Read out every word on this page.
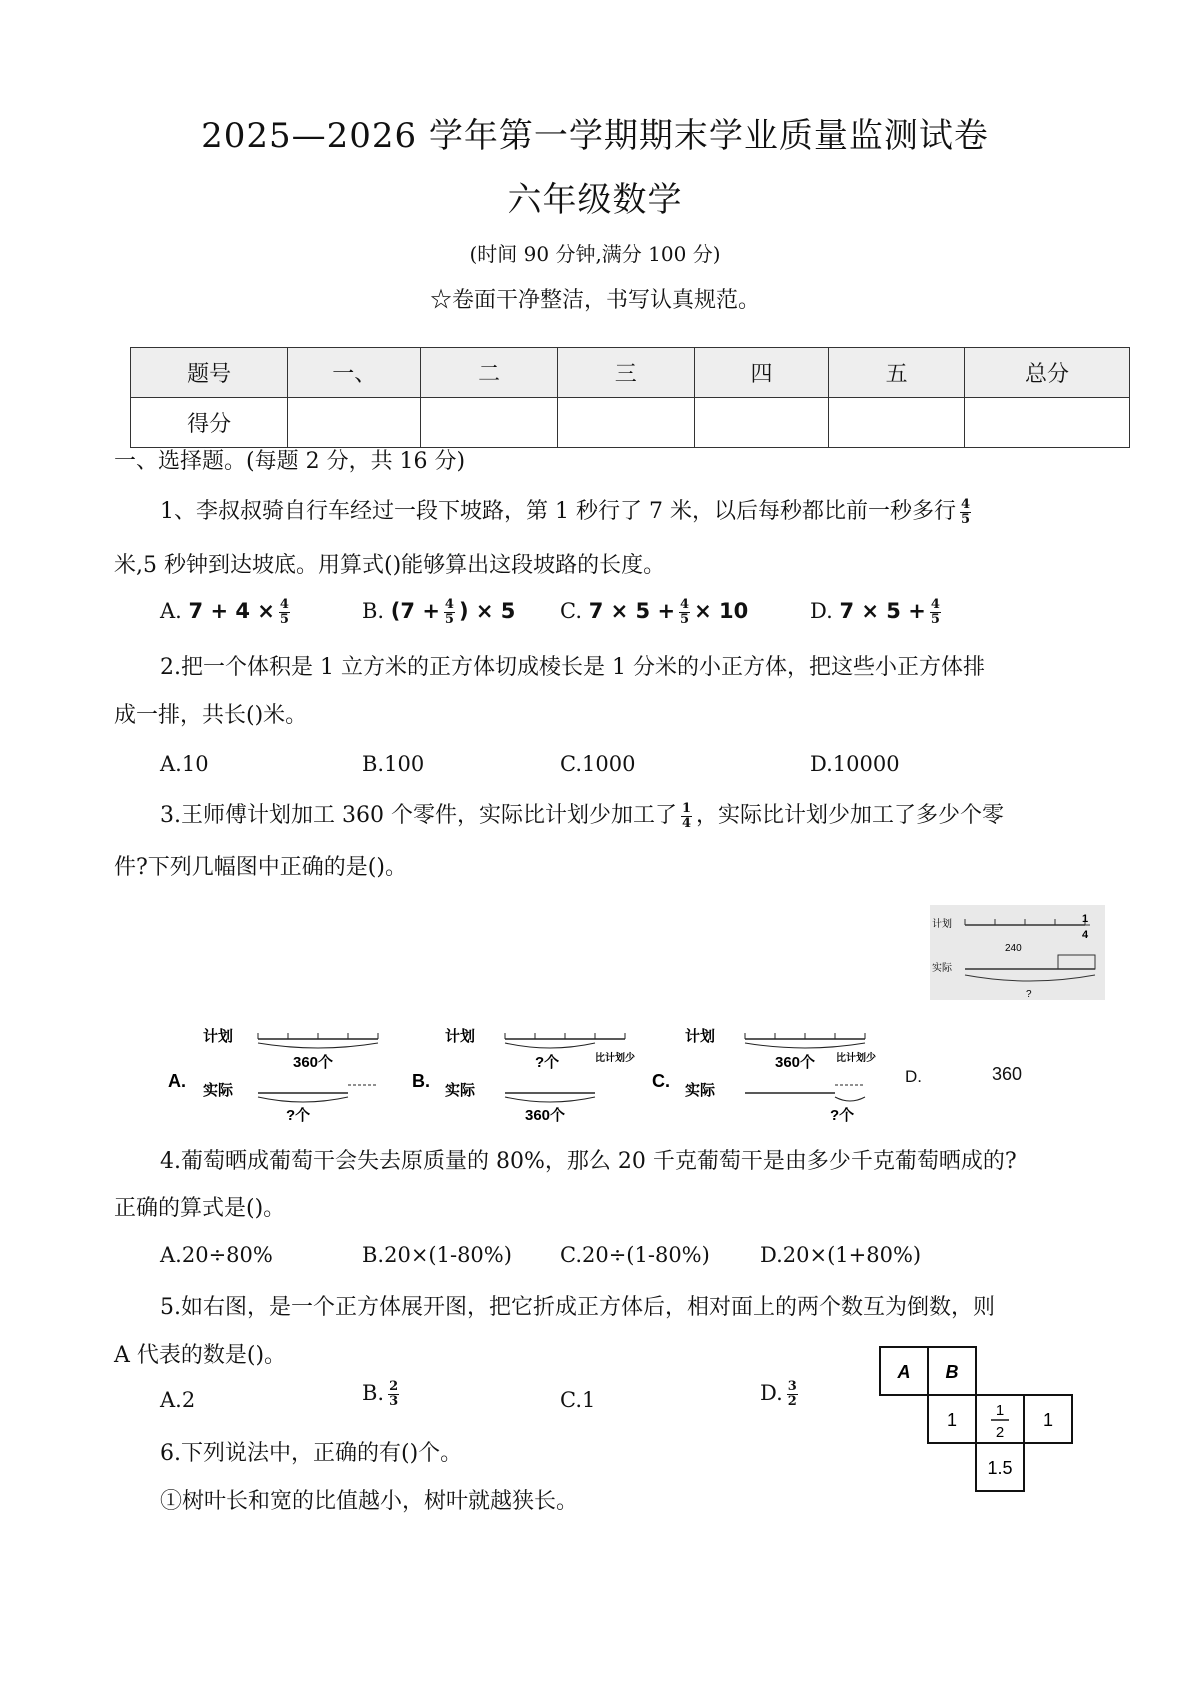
2025—2026 学年第一学期期末学业质量监测试卷
六年级数学
(时间 90 分钟,满分 100 分)
☆卷面干净整洁，书写认真规范。
题号	一、	二	三	四	五	总分
得分						
一、选择题。(每题 2 分，共 16 分)
1、李叔叔骑自行车经过一段下坡路，第 1 秒行了 7 米，以后每秒都比前一秒多行 $\frac{4}{5}$
米,5 秒钟到达坡底。用算式()能够算出这段坡路的长度。
A. $7 + 4 \times \frac{4}{5}$	B. ($7 + \frac{4}{5}$ ) × 5 C. $7 \times 5 + \frac{4}{5} \times 10$	D. $7 \times 5 + \frac{4}{5}$
2.把一个体积是 1 立方米的正方体切成棱长是 1 分米的小正方体，把这些小正方体排
成一排，共长()米。
A.10	B.100	C.1000	D.10000
3.王师傅计划加工 360 个零件，实际比计划少加工了 $\frac{1}{4}$ ，实际比计划少加工了多少个零
件?下列几幅图中正确的是()。
计划
240
1
4
实际
?
A.
计划
360个
实际
?个
B.
计划
?个	比计划少
实际
360个
C.
计划
360个 比计划少
实际
?个
D.	360
4.葡萄晒成葡萄干会失去原质量的 80%，那么 20 千克葡萄干是由多少千克葡萄晒成的?
正确的算式是()。
A.20÷80%	B.20×(1-80%) C.20÷(1-80%) D.20×(1+80%)
5.如右图，是一个正方体展开图，把它折成正方体后，相对面上的两个数互为倒数，则
A 代表的数是()。
A.2	B. $\frac{2}{3}$	C.1	D. $\frac{3}{2}$
A B
1	1
2
1
1.5
6.下列说法中，正确的有()个。
①树叶长和宽的比值越小，树叶就越狭长。
